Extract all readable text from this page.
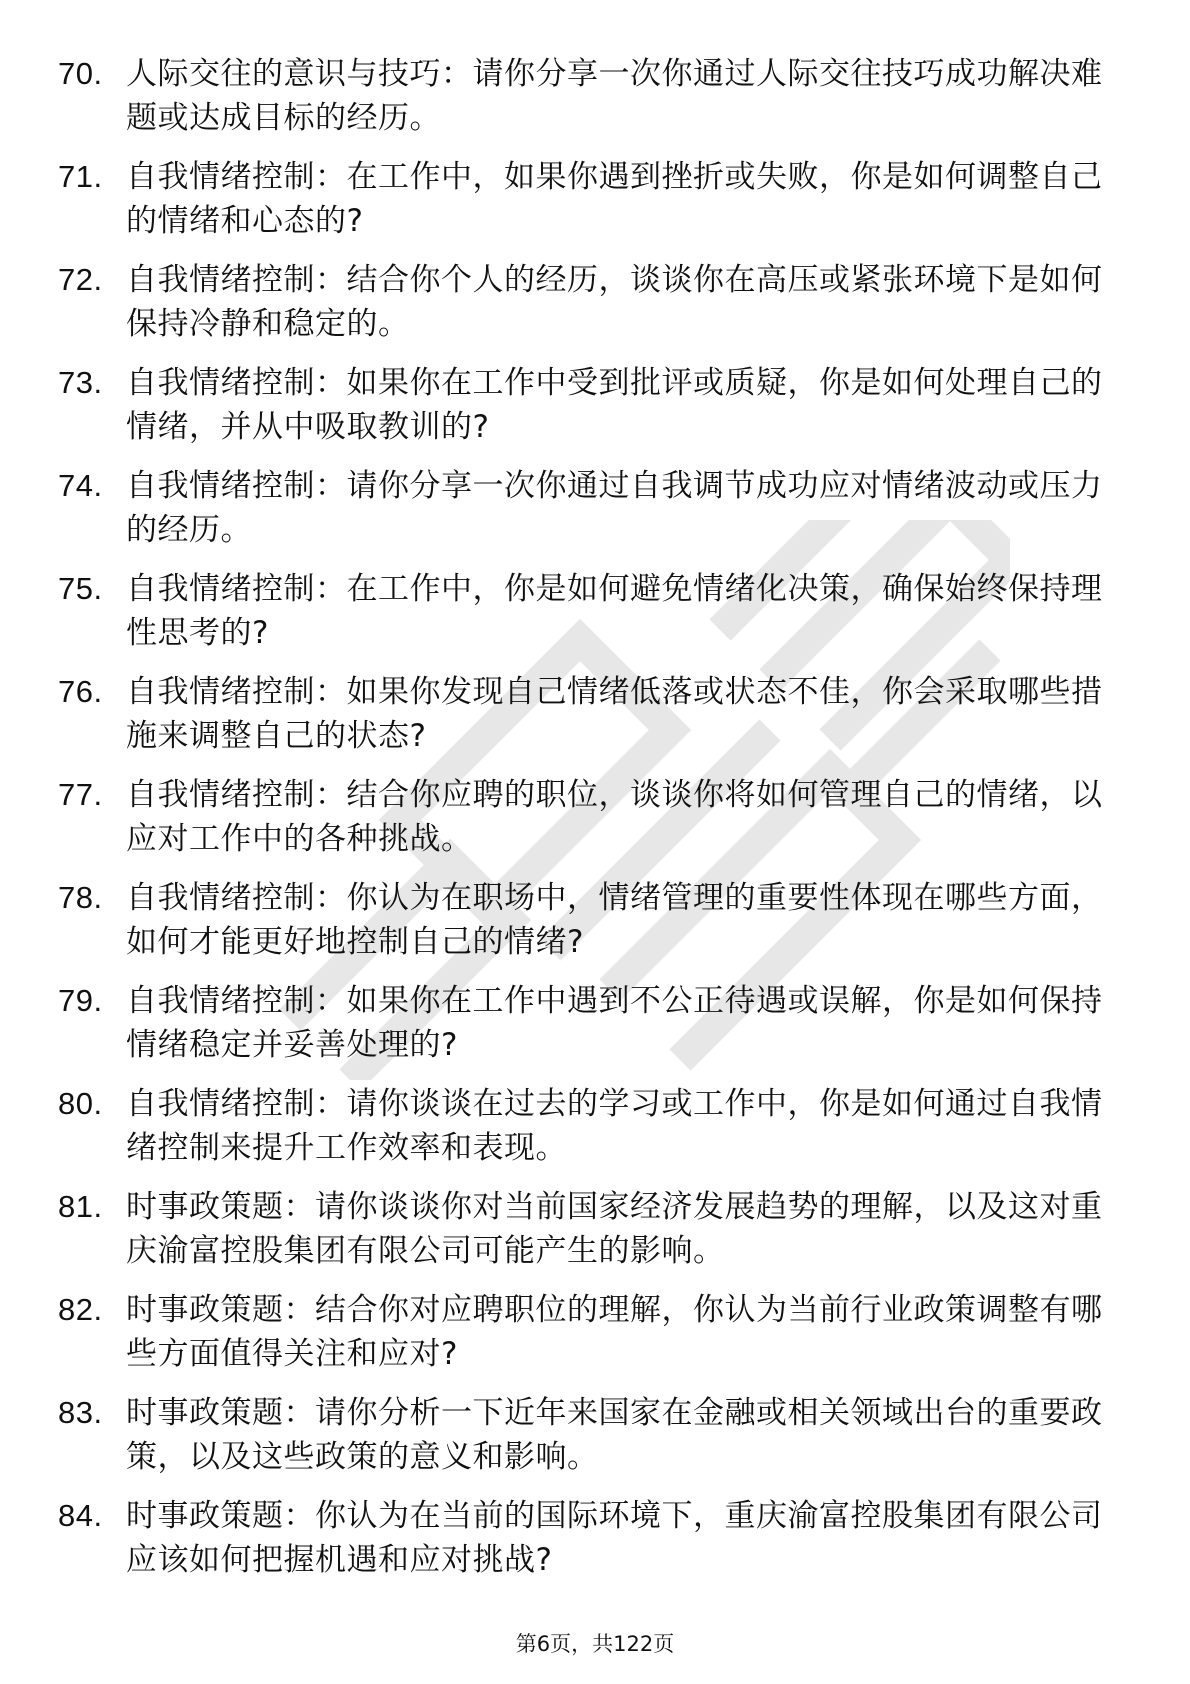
70. 人际交往的意识与技巧：请你分享一次你通过人际交往技巧成功解决难题或达成目标的经历。
71. 自我情绪控制：在工作中，如果你遇到挫折或失败，你是如何调整自己的情绪和心态的?
72. 自我情绪控制：结合你个人的经历，谈谈你在高压或紧张环境下是如何保持冷静和稳定的。
73. 自我情绪控制：如果你在工作中受到批评或质疑，你是如何处理自己的情绪，并从中吸取教训的?
74. 自我情绪控制：请你分享一次你通过自我调节成功应对情绪波动或压力的经历。
75. 自我情绪控制：在工作中，你是如何避免情绪化决策，确保始终保持理性思考的?
76. 自我情绪控制：如果你发现自己情绪低落或状态不佳，你会采取哪些措施来调整自己的状态?
77. 自我情绪控制：结合你应聘的职位，谈谈你将如何管理自己的情绪，以应对工作中的各种挑战。
78. 自我情绪控制：你认为在职场中，情绪管理的重要性体现在哪些方面，如何才能更好地控制自己的情绪?
79. 自我情绪控制：如果你在工作中遇到不公正待遇或误解，你是如何保持情绪稳定并妥善处理的?
80. 自我情绪控制：请你谈谈在过去的学习或工作中，你是如何通过自我情绪控制来提升工作效率和表现。
81. 时事政策题：请你谈谈你对当前国家经济发展趋势的理解，以及这对重庆渝富控股集团有限公司可能产生的影响。
82. 时事政策题：结合你对应聘职位的理解，你认为当前行业政策调整有哪些方面值得关注和应对?
83. 时事政策题：请你分析一下近年来国家在金融或相关领域出台的重要政策，以及这些政策的意义和影响。
84. 时事政策题：你认为在当前的国际环境下，重庆渝富控股集团有限公司应该如何把握机遇和应对挑战?
第6页，共122页
